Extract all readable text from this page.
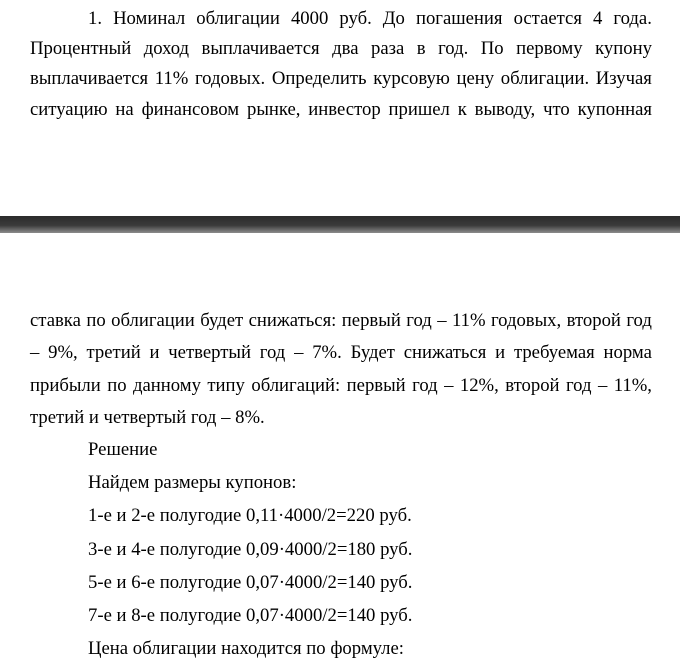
1. Номинал облигации 4000 руб. До погашения остается 4 года.
Процентный доход выплачивается два раза в год. По первому купону
выплачивается 11% годовых. Определить курсовую цену облигации. Изучая
ситуацию на финансовом рынке, инвестор пришел к выводу, что купонная
ставка по облигации будет снижаться: первый год – 11% годовых, второй год
– 9%, третий и четвертый год – 7%. Будет снижаться и требуемая норма
прибыли по данному типу облигаций: первый год – 12%, второй год – 11%,
третий и четвертый год – 8%.
Решение
Найдем размеры купонов:
1-е и 2-е полугодие 0,11·4000/2=220 руб.
3-е и 4-е полугодие 0,09·4000/2=180 руб.
5-е и 6-е полугодие 0,07·4000/2=140 руб.
7-е и 8-е полугодие 0,07·4000/2=140 руб.
Цена облигации находится по формуле:
